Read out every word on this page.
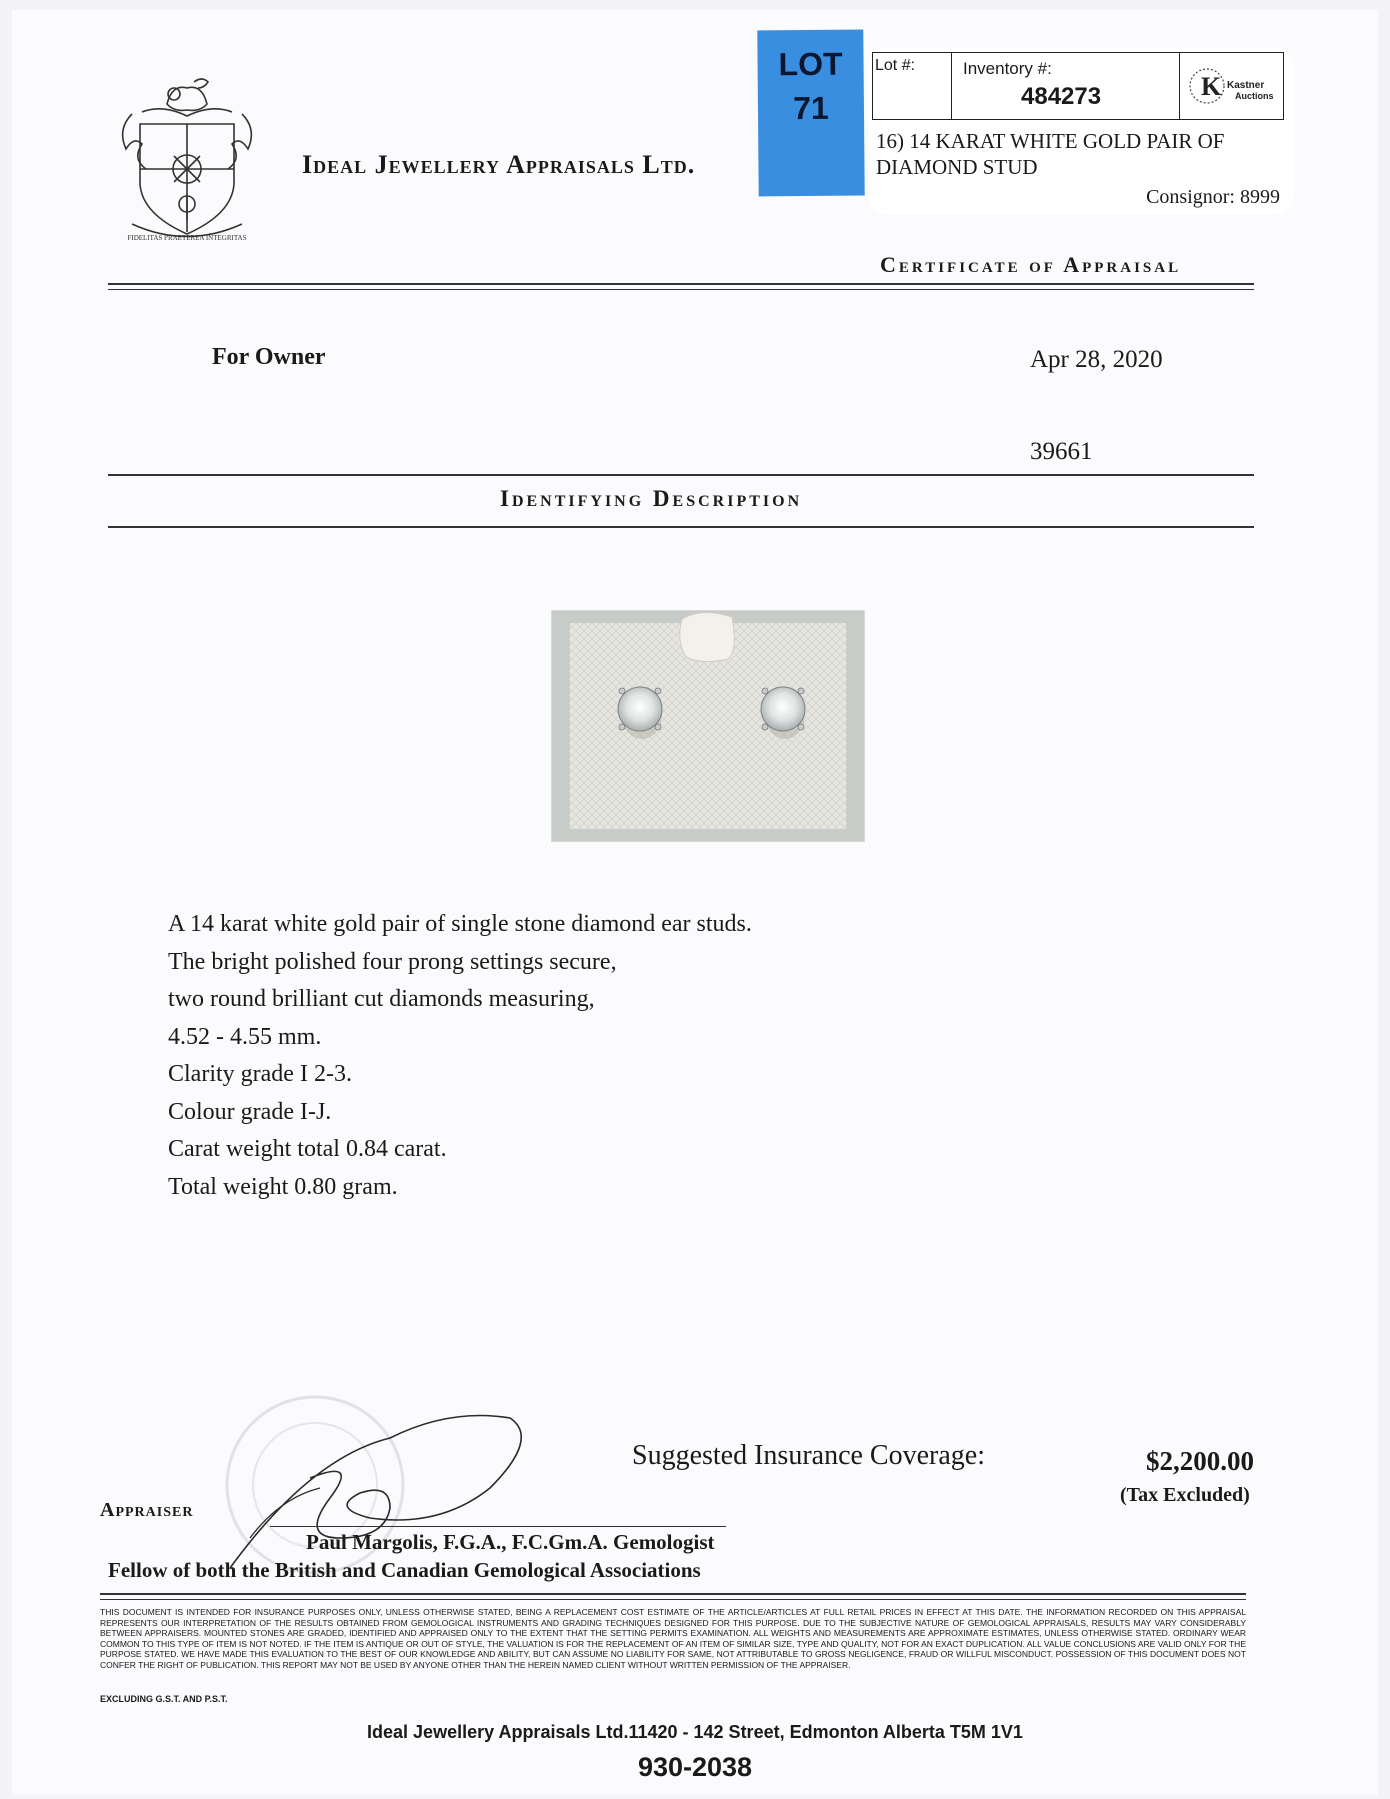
FIDELITAS PRAETEREA INTEGRITAS
Ideal Jewellery Appraisals Ltd.
LOT
71
Lot #:	Inventory #:
484273	K Kastner
Auctions
16) 14 KARAT WHITE GOLD PAIR OF DIAMOND STUD
Consignor: 8999
Certificate of Appraisal
For Owner	Apr 28, 2020
39661
Identifying Description
A 14 karat white gold pair of single stone diamond ear studs.
The bright polished four prong settings secure,
two round brilliant cut diamonds measuring,
4.52 - 4.55 mm.
Clarity grade I 2-3.
Colour grade I-J.
Carat weight total 0.84 carat.
Total weight 0.80 gram.
Suggested Insurance Coverage:	$2,200.00
(Tax Excluded)
Appraiser
Paul Margolis, F.G.A., F.C.Gm.A. Gemologist
Fellow of both the British and Canadian Gemological Associations
THIS DOCUMENT IS INTENDED FOR INSURANCE PURPOSES ONLY, UNLESS OTHERWISE STATED, BEING A REPLACEMENT COST ESTIMATE OF THE ARTICLE/ARTICLES AT FULL RETAIL PRICES IN EFFECT AT THIS DATE. THE INFORMATION RECORDED ON THIS APPRAISAL REPRESENTS OUR INTERPRETATION OF THE RESULTS OBTAINED FROM GEMOLOGICAL INSTRUMENTS AND GRADING TECHNIQUES DESIGNED FOR THIS PURPOSE. DUE TO THE SUBJECTIVE NATURE OF GEMOLOGICAL APPRAISALS, RESULTS MAY VARY CONSIDERABLY BETWEEN APPRAISERS. MOUNTED STONES ARE GRADED, IDENTIFIED AND APPRAISED ONLY TO THE EXTENT THAT THE SETTING PERMITS EXAMINATION. ALL WEIGHTS AND MEASUREMENTS ARE APPROXIMATE ESTIMATES, UNLESS OTHERWISE STATED. ORDINARY WEAR COMMON TO THIS TYPE OF ITEM IS NOT NOTED. IF THE ITEM IS ANTIQUE OR OUT OF STYLE, THE VALUATION IS FOR THE REPLACEMENT OF AN ITEM OF SIMILAR SIZE, TYPE AND QUALITY, NOT FOR AN EXACT DUPLICATION. ALL VALUE CONCLUSIONS ARE VALID ONLY FOR THE PURPOSE STATED. WE HAVE MADE THIS EVALUATION TO THE BEST OF OUR KNOWLEDGE AND ABILITY, BUT CAN ASSUME NO LIABILITY FOR SAME, NOT ATTRIBUTABLE TO GROSS NEGLIGENCE, FRAUD OR WILLFUL MISCONDUCT. POSSESSION OF THIS DOCUMENT DOES NOT CONFER THE RIGHT OF PUBLICATION. THIS REPORT MAY NOT BE USED BY ANYONE OTHER THAN THE HEREIN NAMED CLIENT WITHOUT WRITTEN PERMISSION OF THE APPRAISER.
EXCLUDING G.S.T. AND P.S.T.
Ideal Jewellery Appraisals Ltd.11420 - 142 Street, Edmonton Alberta T5M 1V1
930-2038
